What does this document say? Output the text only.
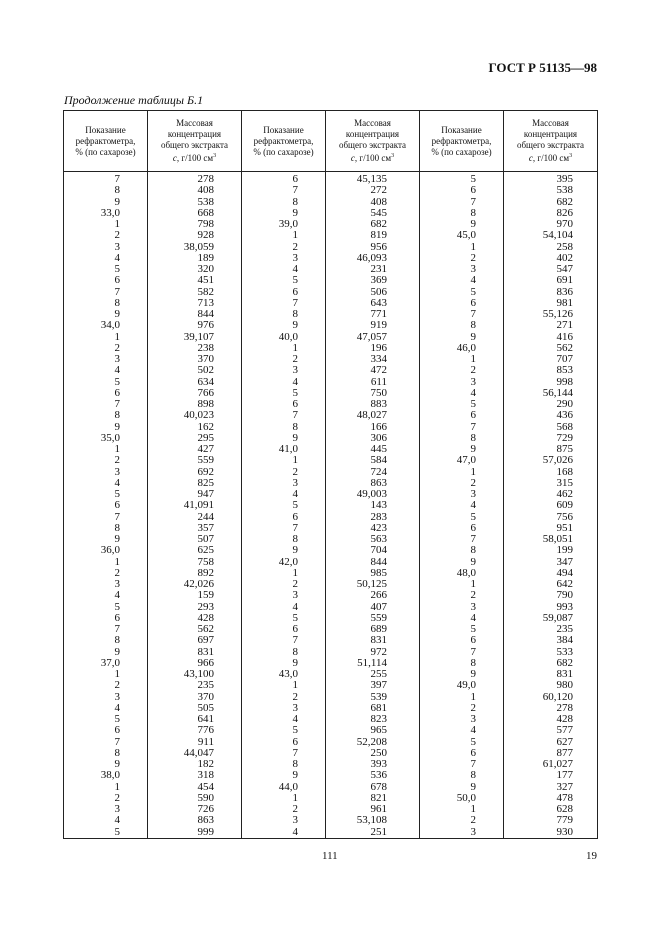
ГОСТ Р 51135—98
Продолжение таблицы Б.1
Показание
рефрактометра,
% (по сахарозе)	Массовая
концентрация
общего экстракта
c, г/100 $см^3$	Показание
рефрактометра,
% (по сахарозе)	Массовая
концентрация
общего экстракта
c, г/100 $см^3$	Показание
рефрактометра,
% (по сахарозе)	Массовая
концентрация
общего экстракта
c, г/100 $см^3$
7	278	6	45,135	5	395
8	408	7	272	6	538
9	538	8	408	7	682
33,0	668	9	545	8	826
1	798	39,0	682	9	970
2	928	1	819	45,0	54,104
3	38,059	2	956	1	258
4	189	3	46,093	2	402
5	320	4	231	3	547
6	451	5	369	4	691
7	582	6	506	5	836
8	713	7	643	6	981
9	844	8	771	7	55,126
34,0	976	9	919	8	271
1	39,107	40,0	47,057	9	416
2	238	1	196	46,0	562
3	370	2	334	1	707
4	502	3	472	2	853
5	634	4	611	3	998
6	766	5	750	4	56,144
7	898	6	883	5	290
8	40,023	7	48,027	6	436
9	162	8	166	7	568
35,0	295	9	306	8	729
1	427	41,0	445	9	875
2	559	1	584	47,0	57,026
3	692	2	724	1	168
4	825	3	863	2	315
5	947	4	49,003	3	462
6	41,091	5	143	4	609
7	244	6	283	5	756
8	357	7	423	6	951
9	507	8	563	7	58,051
36,0	625	9	704	8	199
1	758	42,0	844	9	347
2	892	1	985	48,0	494
3	42,026	2	50,125	1	642
4	159	3	266	2	790
5	293	4	407	3	993
6	428	5	559	4	59,087
7	562	6	689	5	235
8	697	7	831	6	384
9	831	8	972	7	533
37,0	966	9	51,114	8	682
1	43,100	43,0	255	9	831
2	235	1	397	49,0	980
3	370	2	539	1	60,120
4	505	3	681	2	278
5	641	4	823	3	428
6	776	5	965	4	577
7	911	6	52,208	5	627
8	44,047	7	250	6	877
9	182	8	393	7	61,027
38,0	318	9	536	8	177
1	454	44,0	678	9	327
2	590	1	821	50,0	478
3	726	2	961	1	628
4	863	3	53,108	2	779
5	999	4	251	3	930
111	19
